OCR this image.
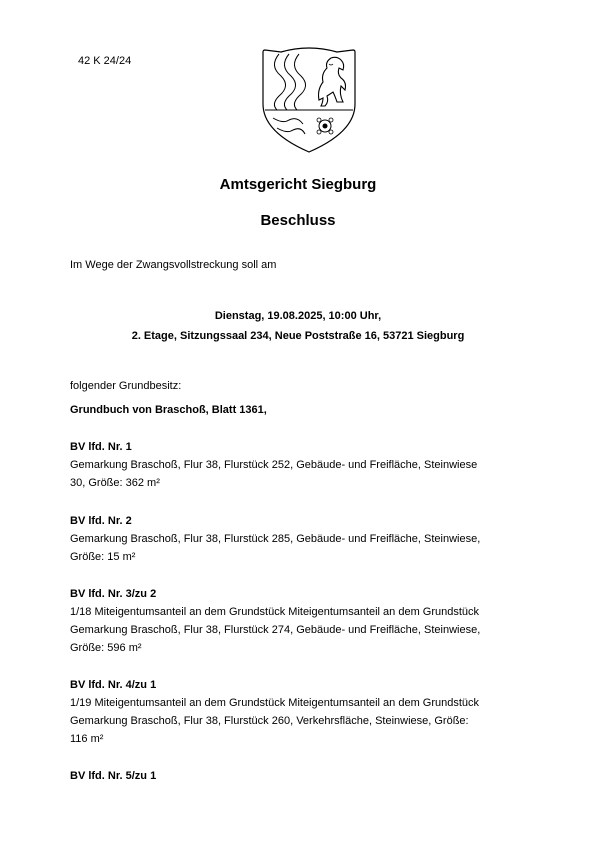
42 K 24/24
Amtsgericht Siegburg
Beschluss
Im Wege der Zwangsvollstreckung soll am
Dienstag, 19.08.2025, 10:00 Uhr,
2. Etage, Sitzungssaal 234, Neue Poststraße 16, 53721 Siegburg
folgender Grundbesitz:
Grundbuch von Braschoß, Blatt 1361,
BV lfd. Nr. 1
Gemarkung Braschoß, Flur 38, Flurstück 252, Gebäude- und Freifläche, Steinwiese
30, Größe: 362 m²
BV lfd. Nr. 2
Gemarkung Braschoß, Flur 38, Flurstück 285, Gebäude- und Freifläche, Steinwiese,
Größe: 15 m²
BV lfd. Nr. 3/zu 2
1/18 Miteigentumsanteil an dem Grundstück Miteigentumsanteil an dem Grundstück
Gemarkung Braschoß, Flur 38, Flurstück 274, Gebäude- und Freifläche, Steinwiese,
Größe: 596 m²
BV lfd. Nr. 4/zu 1
1/19 Miteigentumsanteil an dem Grundstück Miteigentumsanteil an dem Grundstück
Gemarkung Braschoß, Flur 38, Flurstück 260, Verkehrsfläche, Steinwiese, Größe:
116 m²
BV lfd. Nr. 5/zu 1
